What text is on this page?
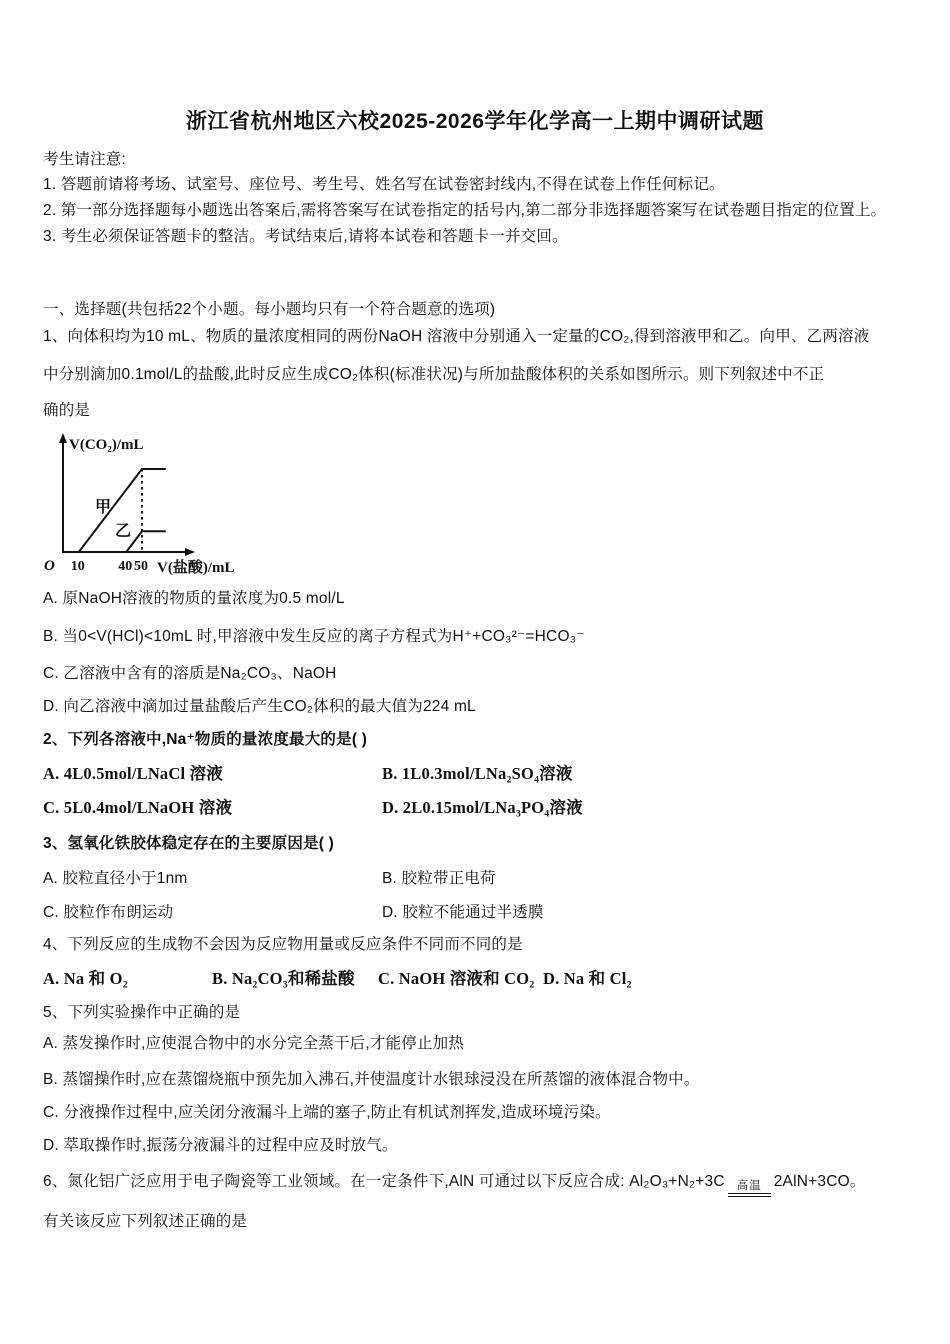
浙江省杭州地区六校2025-2026学年化学高一上期中调研试题
考生请注意:
1. 答题前请将考场、试室号、座位号、考生号、姓名写在试卷密封线内,不得在试卷上作任何标记。
2. 第一部分选择题每小题选出答案后,需将答案写在试卷指定的括号内,第二部分非选择题答案写在试卷题目指定的位置上。
3. 考生必须保证答题卡的整洁。考试结束后,请将本试卷和答题卡一并交回。
一、选择题(共包括22个小题。每小题均只有一个符合题意的选项)
1、向体积均为10 mL、物质的量浓度相同的两份NaOH 溶液中分别通入一定量的CO₂,得到溶液甲和乙。向甲、乙两溶液
中分别滴加0.1mol/L的盐酸,此时反应生成CO₂体积(标准状况)与所加盐酸体积的关系如图所示。则下列叙述中不正
确的是
V(CO₂)/mL
甲
乙
O 10 40 50 V(盐酸)/mL
A. 原NaOH溶液的物质的量浓度为0.5 mol/L
B. 当0<V(HCl)<10mL 时,甲溶液中发生反应的离子方程式为H⁺+CO₃²⁻=HCO₃⁻
C. 乙溶液中含有的溶质是Na₂CO₃、NaOH
D. 向乙溶液中滴加过量盐酸后产生CO₂体积的最大值为224 mL
2、下列各溶液中,Na⁺物质的量浓度最大的是( )
A. 4L0.5mol/LNaCl 溶液	B. 1L0.3mol/LNa₂SO₄溶液
C. 5L0.4mol/LNaOH 溶液	D. 2L0.15mol/LNa₃PO₄溶液
3、氢氧化铁胶体稳定存在的主要原因是( )
A. 胶粒直径小于1nm	B. 胶粒带正电荷
C. 胶粒作布朗运动	D. 胶粒不能通过半透膜
4、下列反应的生成物不会因为反应物用量或反应条件不同而不同的是
A. Na 和 O₂	B. Na₂CO₃和稀盐酸 C. NaOH 溶液和 CO₂ D. Na 和 Cl₂
5、下列实验操作中正确的是
A. 蒸发操作时,应使混合物中的水分完全蒸干后,才能停止加热
B. 蒸馏操作时,应在蒸馏烧瓶中预先加入沸石,并使温度计水银球浸没在所蒸馏的液体混合物中。
C. 分液操作过程中,应关闭分液漏斗上端的塞子,防止有机试剂挥发,造成环境污染。
D. 萃取操作时,振荡分液漏斗的过程中应及时放气。
6、氮化铝广泛应用于电子陶瓷等工业领域。在一定条件下,AlN 可通过以下反应合成: Al₂O₃+N₂+3C 高温 2AlN+3CO。
有关该反应下列叙述正确的是
